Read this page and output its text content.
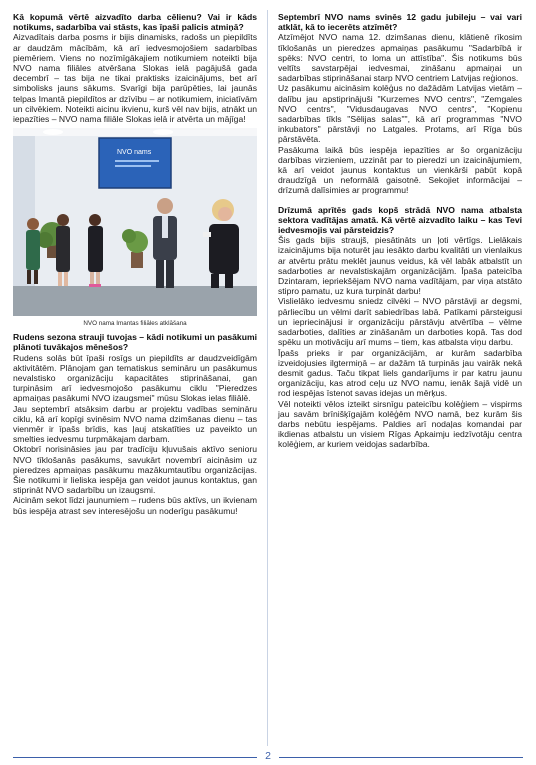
Kā kopumā vērtē aizvadīto darba cēlienu? Vai ir kāds notikums, sadarbība vai stāsts, kas īpaši palicis atmiņā?

Aizvadītais darba posms ir bijis dinamisks, radošs un piepildīts ar daudzām mācībām, kā arī iedvesmojošiem sadarbības piemēriem. Viens no nozīmīgākajiem notikumiem noteikti bija NVO nama filiāles atvēršana Slokas ielā pagājušā gada decembrī – tas bija ne tikai praktisks izaicinājums, bet arī simbolisks jauns sākums. Svarīgi bija parūpēties, lai jaunās telpas Imantā piepildītos ar dzīvību – ar notikumiem, iniciatīvām un cilvēkiem. Noteikti aicinu ikvienu, kurš vēl nav bijis, atnākt un iepazīties – NVO nama filiāle Slokas ielā ir atvērta un mājīga!

NVO nams
NVO nama Imantas filiāles atklāšana
Rudens sezona strauji tuvojas – kādi notikumi un pasākumi plānoti tuvākajos mēnešos?

Rudens solās būt īpaši rosīgs un piepildīts ar daudzveidīgām aktivitātēm. Plānojam gan tematiskus semināru un pasākumus nevalstisko organizāciju kapacitātes stiprināšanai, gan turpināsim arī iedvesmojošo pasākumu ciklu "Pieredzes apmaiņas pasākumi NVO izaugsmei" mūsu Slokas ielas filiālē.

Jau septembrī atsāksim darbu ar projektu vadības semināru ciklu, kā arī kopīgi svinēsim NVO nama dzimšanas dienu – tas vienmēr ir īpašs brīdis, kas ļauj atskatīties uz paveikto un smelties iedvesmu turpmākajam darbam.

Oktobrī norisināsies jau par tradīciju kļuvušais aktīvo senioru NVO tīklošanās pasākums, savukārt novembrī aicināsim uz pieredzes apmaiņas pasākumu mazākumtautību organizācijas. Šie notikumi ir lieliska iespēja gan veidot jaunus kontaktus, gan stiprināt NVO sadarbību un izaugsmi.

Aicinām sekot līdzi jaunumiem – rudens būs aktīvs, un ikvienam būs iespēja atrast sev interesējošu un noderīgu pasākumu!

Septembrī NVO nams svinēs 12 gadu jubileju – vai vari atklāt, kā to iecerēts atzīmēt?

Atzīmējot NVO nama 12. dzimšanas dienu, klātienē rīkosim tīklošanās un pieredzes apmaiņas pasākumu "Sadarbībā ir spēks: NVO centri, to loma un attīstība". Šis notikums būs veltīts savstarpējai iedvesmai, zināšanu apmaiņai un sadarbības stiprināšanai starp NVO centriem Latvijas reģionos.

Uz pasākumu aicināsim kolēģus no dažādām Latvijas vietām – dalību jau apstiprinājuši "Kurzemes NVO centrs", "Zemgales NVO centrs", "Vidusdaugavas NVO centrs", "Kopienu sadarbības tīkls "Sēlijas salas"", kā arī programmas "NVO inkubators" pārstāvji no Latgales. Protams, arī Rīga būs pārstāvēta.

Pasākuma laikā būs iespēja iepazīties ar šo organizāciju darbības virzieniem, uzzināt par to pieredzi un izaicinājumiem, kā arī veidot jaunus kontaktus un vienkārši pabūt kopā draudzīgā un neformālā gaisotnē. Sekojiet informācijai – drīzumā dalīsimies ar programmu!

Drīzumā aprītēs gads kopš strādā NVO nama atbalsta sektora vadītājas amatā. Kā vērtē aizvadīto laiku – kas Tevi iedvesmojis vai pārsteidzis?

Šis gads bijis straujš, piesātināts un ļoti vērtīgs. Lielākais izaicinājums bija noturēt jau iesākto darbu kvalitāti un vienlaikus ar atvērtu prātu meklēt jaunus veidus, kā vēl labāk atbalstīt un sadarboties ar nevalstiskajām organizācijām. Īpaša pateicība Dzintaram, iepriekšējam NVO nama vadītājam, par viņa atstāto stipro pamatu, uz kura turpināt darbu!

Vislielāko iedvesmu sniedz cilvēki – NVO pārstāvji ar degsmi, pārliecību un vēlmi darīt sabiedrības labā. Patīkami pārsteigusi un iepriecinājusi ir organizāciju pārstāvju atvērtība – vēlme sadarboties, dalīties ar zināšanām un darboties kopā. Tas dod spēku un motivāciju arī mums – tiem, kas atbalsta viņu darbu.

Īpašs prieks ir par organizācijām, ar kurām sadarbība izveidojusies ilgtermiņā – ar dažām tā turpinās jau vairāk nekā desmit gadus. Taču tikpat liels gandarījums ir par katru jaunu organizāciju, kas atrod ceļu uz NVO namu, ienāk šajā vidē un rod iespējas īstenot savas idejas un mērķus.

Vēl noteikti vēlos izteikt sirsnīgu pateicību kolēģiem – vispirms jau savām brīnišķīgajām kolēģēm NVO namā, bez kurām šis darbs nebūtu iespējams. Paldies arī nodaļas komandai par ikdienas atbalstu un visiem Rīgas Apkaimju iedzīvotāju centra kolēģiem, ar kuriem veidojas sadarbība.

2
